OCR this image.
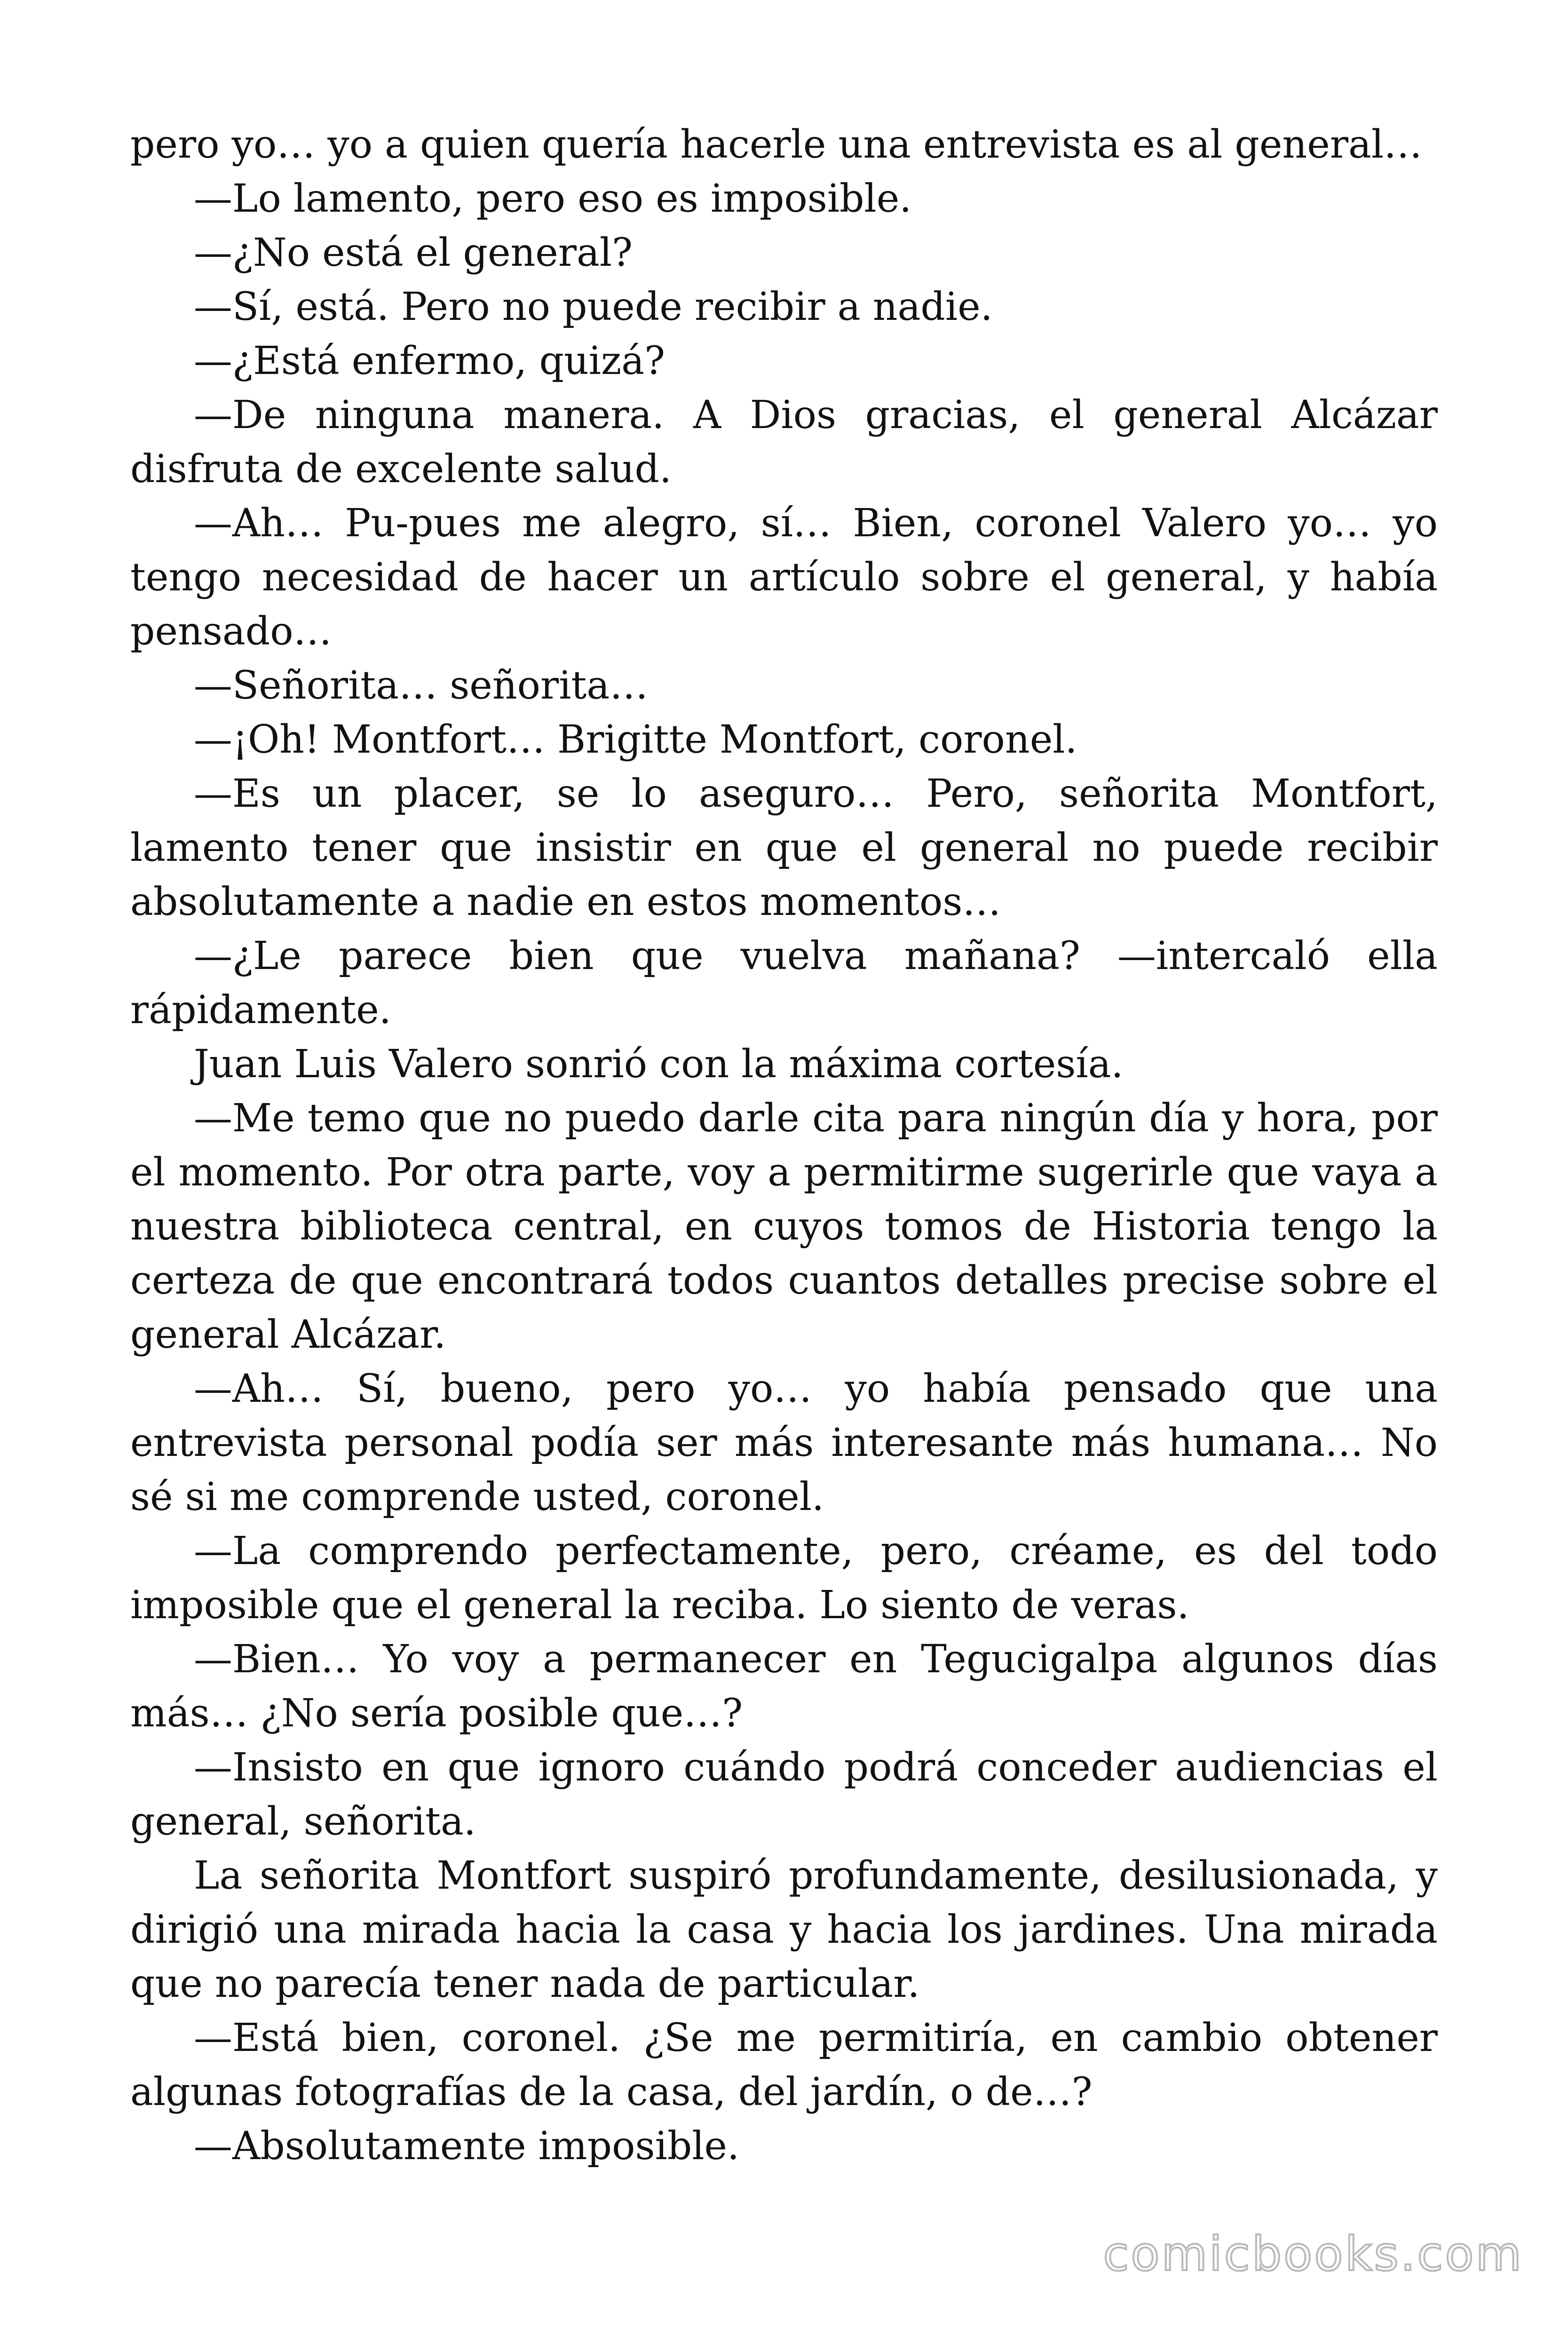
pero yo… yo a quien quería hacerle una entrevista es al general…

—Lo lamento, pero eso es imposible.

—¿No está el general?

—Sí, está. Pero no puede recibir a nadie.

—¿Está enfermo, quizá?

—De ninguna manera. A Dios gracias, el general Alcázar disfruta de excelente salud.

—Ah… Pu-pues me alegro, sí… Bien, coronel Valero yo… yo tengo necesidad de hacer un artículo sobre el general, y había pensado…

—Señorita… señorita…

—¡Oh! Montfort… Brigitte Montfort, coronel.

—Es un placer, se lo aseguro… Pero, señorita Montfort, lamento tener que insistir en que el general no puede recibir absolutamente a nadie en estos momentos…

—¿Le parece bien que vuelva mañana? —intercaló ella rápidamente.

Juan Luis Valero sonrió con la máxima cortesía.

—Me temo que no puedo darle cita para ningún día y hora, por el momento. Por otra parte, voy a permitirme sugerirle que vaya a nuestra biblioteca central, en cuyos tomos de Historia tengo la certeza de que encontrará todos cuantos detalles precise sobre el general Alcázar.

—Ah… Sí, bueno, pero yo… yo había pensado que una entrevista personal podía ser más interesante más humana… No sé si me comprende usted, coronel.

—La comprendo perfectamente, pero, créame, es del todo imposible que el general la reciba. Lo siento de veras.

—Bien… Yo voy a permanecer en Tegucigalpa algunos días más… ¿No sería posible que…?

—Insisto en que ignoro cuándo podrá conceder audiencias el general, señorita.

La señorita Montfort suspiró profundamente, desilusionada, y dirigió una mirada hacia la casa y hacia los jardines. Una mirada que no parecía tener nada de particular.

—Está bien, coronel. ¿Se me permitiría, en cambio obtener algunas fotografías de la casa, del jardín, o de…?

—Absolutamente imposible.

comicbooks.com
